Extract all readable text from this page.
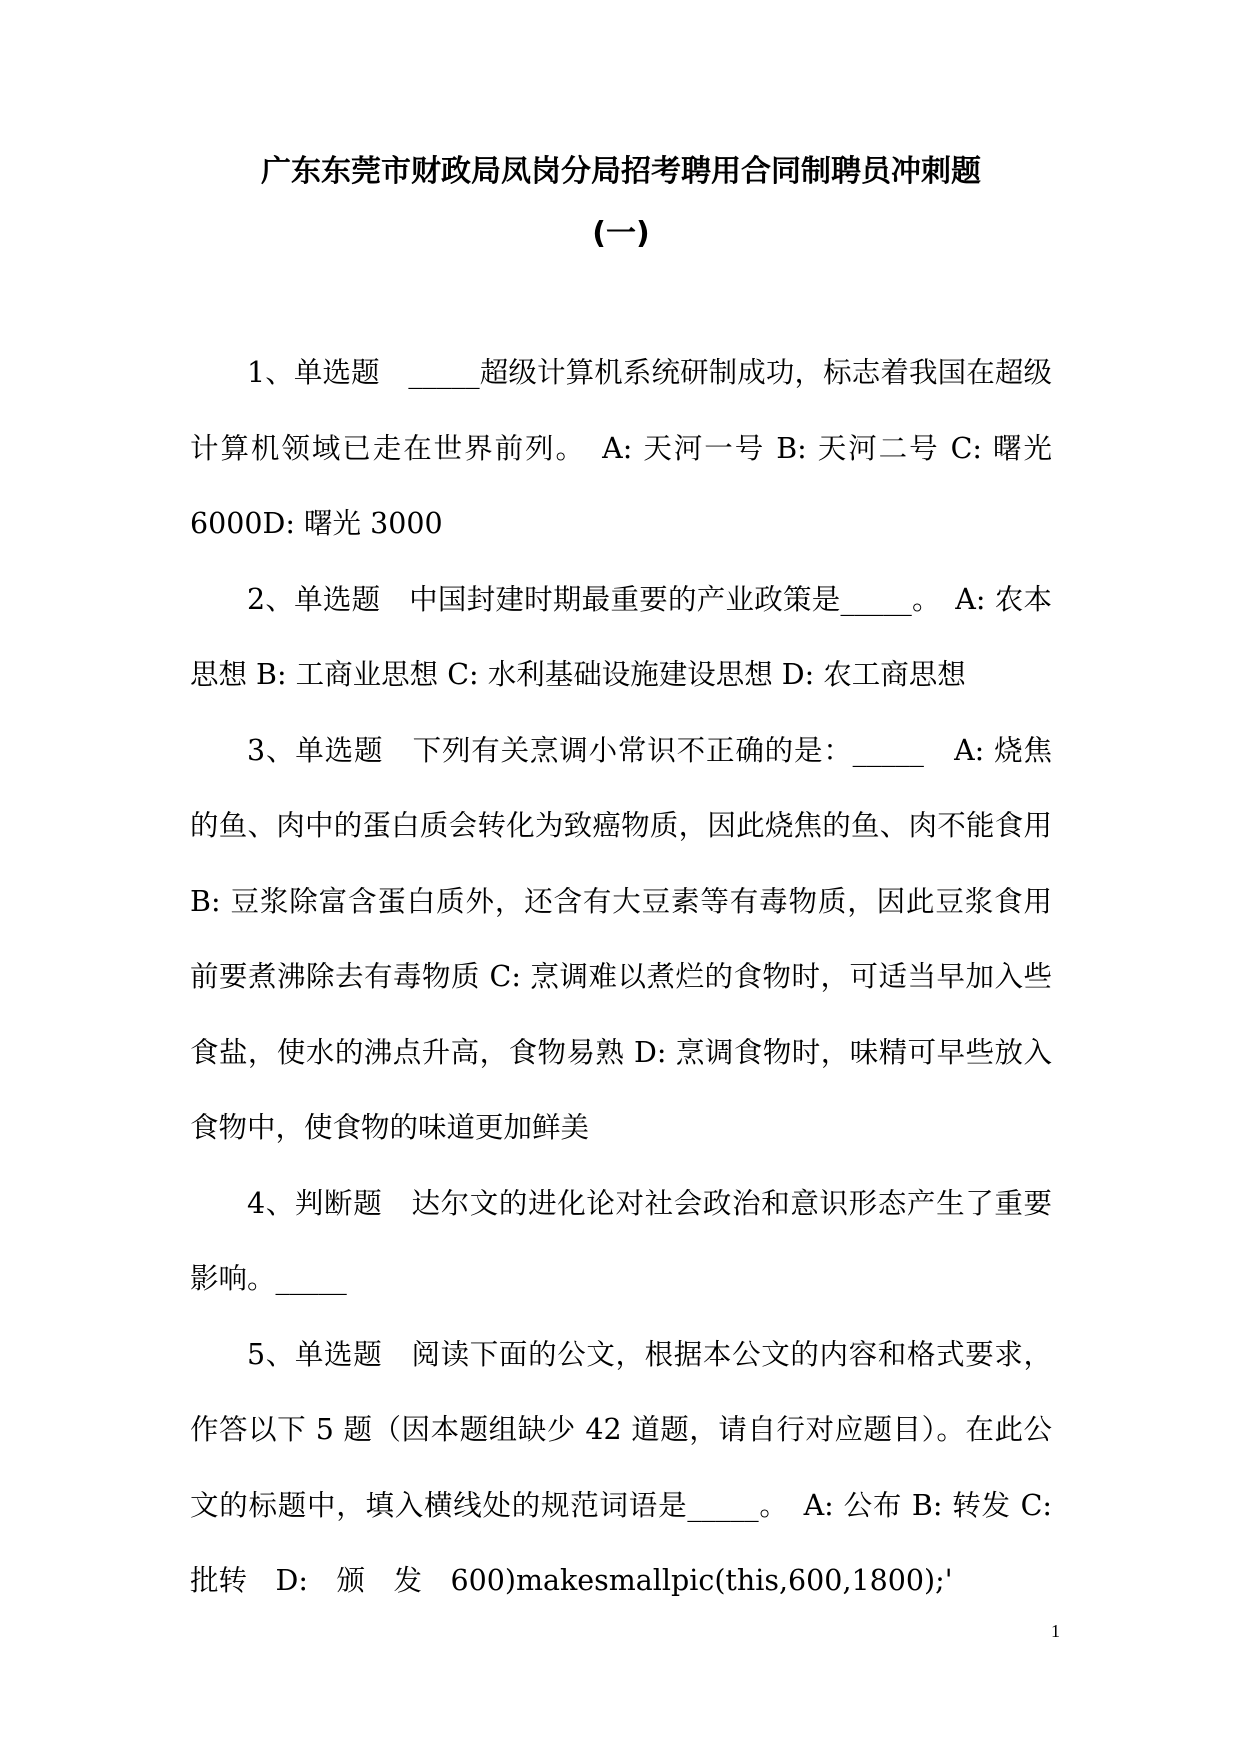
广东东莞市财政局凤岗分局招考聘用合同制聘员冲刺题
(一)

1、单选题　_____超级计算机系统研制成功，标志着我国在超级计算机领域已走在世界前列。　A: 天河一号 B: 天河二号 C: 曙光6000D: 曙光 3000

2、单选题　中国封建时期最重要的产业政策是_____。　A: 农本思想 B: 工商业思想 C: 水利基础设施建设思想 D: 农工商思想

3、单选题　下列有关烹调小常识不正确的是：_____　A: 烧焦的鱼、肉中的蛋白质会转化为致癌物质，因此烧焦的鱼、肉不能食用 B: 豆浆除富含蛋白质外，还含有大豆素等有毒物质，因此豆浆食用前要煮沸除去有毒物质 C: 烹调难以煮烂的食物时，可适当早加入些食盐，使水的沸点升高，食物易熟 D: 烹调食物时，味精可早些放入食物中，使食物的味道更加鲜美

4、判断题　达尔文的进化论对社会政治和意识形态产生了重要影响。_____

5、单选题　阅读下面的公文，根据本公文的内容和格式要求，作答以下 5 题（因本题组缺少 42 道题，请自行对应题目）。在此公文的标题中，填入横线处的规范词语是_____。　A: 公布 B: 转发 C: 批转　D:　颁　发　600)makesmallpic(this,600,1800);'

1
